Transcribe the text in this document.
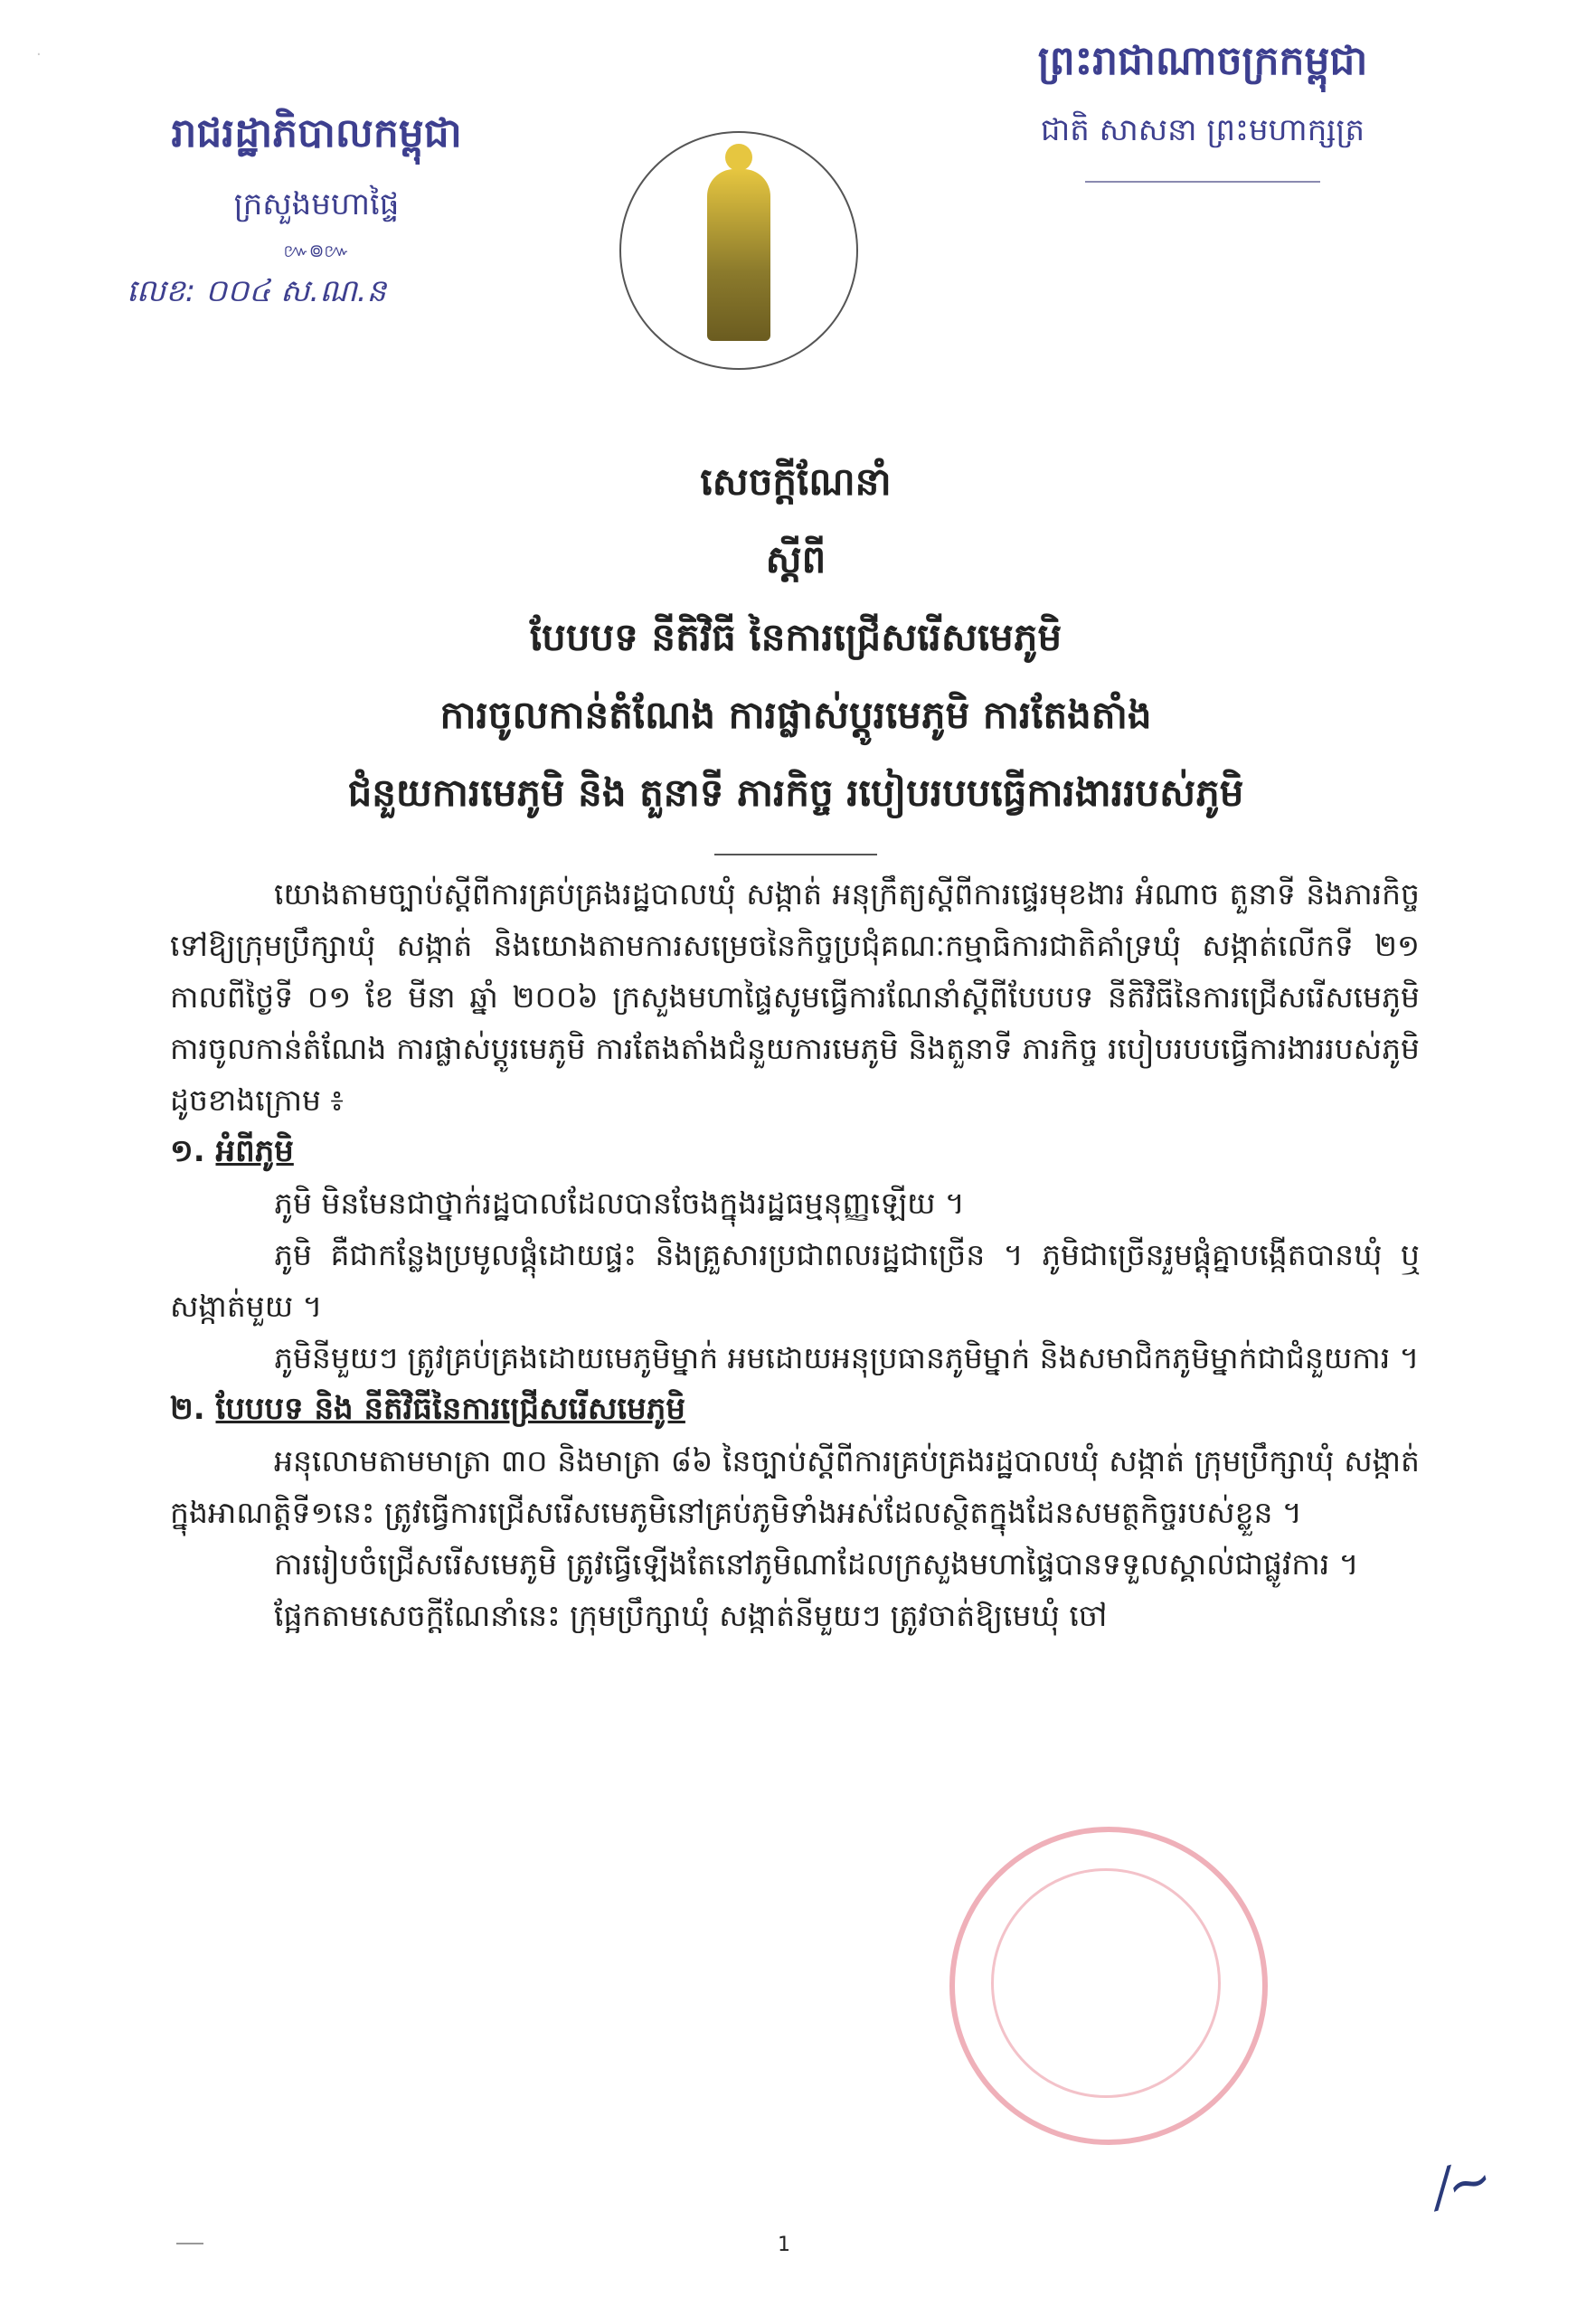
·
រាជរដ្ឋាភិបាលកម្ពុជា
ក្រសួងមហាផ្ទៃ
៚៙៚
លេខ: ០០៤ ស.ណ.ន
ព្រះរាជាណាចក្រកម្ពុជា
ជាតិ សាសនា ព្រះមហាក្សត្រ
សេចក្ដីណែនាំ
ស្ដីពី
បែបបទ នីតិវិធី នៃការជ្រើសរើសមេភូមិ
ការចូលកាន់តំណែង ការផ្លាស់ប្ដូរមេភូមិ ការតែងតាំង
ជំនួយការមេភូមិ និង តួនាទី ភារកិច្ច របៀបរបបធ្វើការងាររបស់ភូមិ

យោងតាមច្បាប់ស្ដីពីការគ្រប់គ្រងរដ្ឋបាលឃុំ សង្កាត់ អនុក្រឹត្យស្ដីពីការផ្ទេរមុខងារ អំណាច តួនាទី និងភារកិច្ចទៅឱ្យក្រុមប្រឹក្សាឃុំ សង្កាត់ និងយោងតាមការសម្រេចនៃកិច្ចប្រជុំគណៈកម្មាធិការជាតិគាំទ្រឃុំ សង្កាត់លើកទី ២១ កាលពីថ្ងៃទី ០១ ខែ មីនា ឆ្នាំ ២០០៦ ក្រសួងមហាផ្ទៃសូមធ្វើការណែនាំស្ដីពីបែបបទ នីតិវិធីនៃការជ្រើសរើសមេភូមិ ការចូលកាន់តំណែង ការផ្លាស់ប្ដូរមេភូមិ ការតែងតាំងជំនួយការមេភូមិ និងតួនាទី ភារកិច្ច របៀបរបបធ្វើការងាររបស់ភូមិ ដូចខាងក្រោម ៖

១. អំពីភូមិ

ភូមិ មិនមែនជាថ្នាក់រដ្ឋបាលដែលបានចែងក្នុងរដ្ឋធម្មនុញ្ញឡើយ ។

ភូមិ គឺជាកន្លែងប្រមូលផ្ដុំដោយផ្ទះ និងគ្រួសារប្រជាពលរដ្ឋជាច្រើន ។ ភូមិជាច្រើនរួមផ្ដុំគ្នាបង្កើតបានឃុំ ឬសង្កាត់មួយ ។

ភូមិនីមួយៗ ត្រូវគ្រប់គ្រងដោយមេភូមិម្នាក់ អមដោយអនុប្រធានភូមិម្នាក់ និងសមាជិកភូមិម្នាក់ជាជំនួយការ ។

២. បែបបទ និង នីតិវិធីនៃការជ្រើសរើសមេភូមិ

អនុលោមតាមមាត្រា ៣០ និងមាត្រា ៨៦ នៃច្បាប់ស្ដីពីការគ្រប់គ្រងរដ្ឋបាលឃុំ សង្កាត់ ក្រុមប្រឹក្សាឃុំ សង្កាត់ក្នុងអាណត្តិទី១នេះ ត្រូវធ្វើការជ្រើសរើសមេភូមិនៅគ្រប់ភូមិទាំងអស់ដែលស្ថិតក្នុងដែនសមត្ថកិច្ចរបស់ខ្លួន ។

ការរៀបចំជ្រើសរើសមេភូមិ ត្រូវធ្វើឡើងតែនៅភូមិណាដែលក្រសួងមហាផ្ទៃបានទទួលស្គាល់ជាផ្លូវការ ។

ផ្អែកតាមសេចក្ដីណែនាំនេះ ក្រុមប្រឹក្សាឃុំ សង្កាត់នីមួយៗ ត្រូវចាត់ឱ្យមេឃុំ ចៅ

⁄~
1
